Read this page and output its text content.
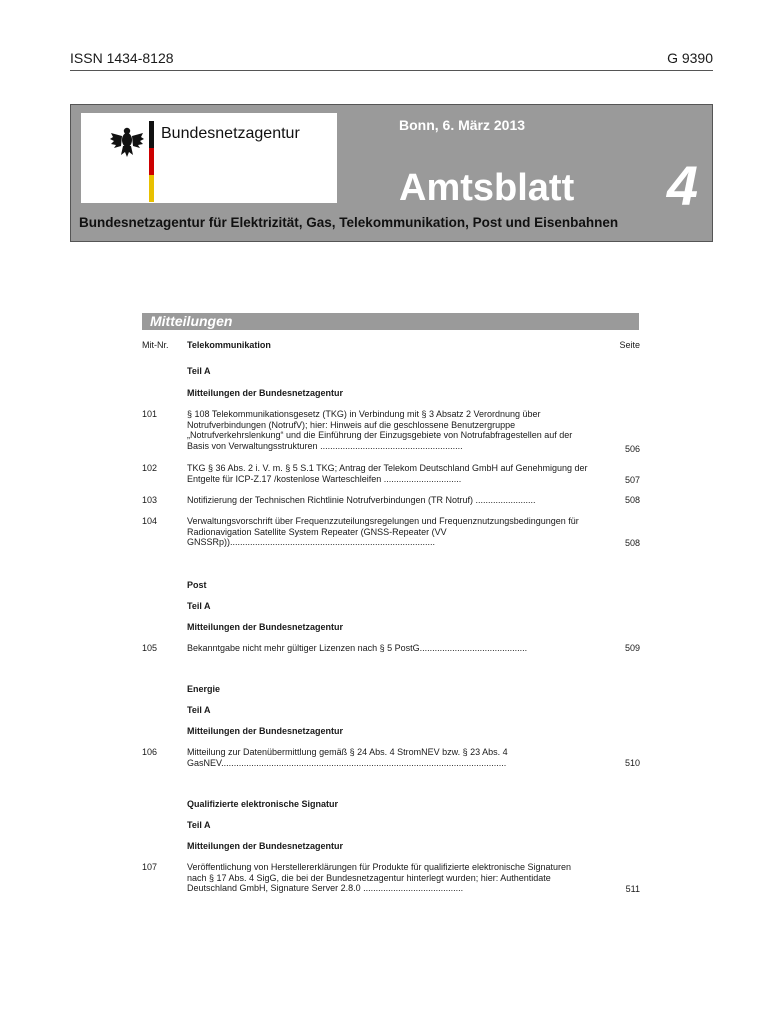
ISSN 1434-8128	G 9390
Bundesnetzagentur	Bonn, 6. März 2013
Amtsblatt 4
Bundesnetzagentur für Elektrizität, Gas, Telekommunikation, Post und Eisenbahnen
Mitteilungen
Mit-Nr. Telekommunikation	Seite
Teil A
Mitteilungen der Bundesnetzagentur
101	§ 108 Telekommunikationsgesetz (TKG) in Verbindung mit § 3 Absatz 2 Verordnung über Notrufverbindungen (NotrufV); hier: Hinweis auf die geschlossene Benutzergruppe „Notrufverkehrslenkung“ und die Einführung der Einzugsgebiete von Notrufabfragestellen auf der Basis von Verwaltungsstrukturen .........................................................	506
102	TKG § 36 Abs. 2 i. V. m. § 5 S.1 TKG; Antrag der Telekom Deutschland GmbH auf Genehmigung der Entgelte für ICP-Z.17 /kostenlose Warteschleifen ...............................	507
103	Notifizierung der Technischen Richtlinie Notrufverbindungen (TR Notruf) ........................	508
104	Verwaltungsvorschrift über Frequenzzuteilungsregelungen und Frequenznutzungsbedingungen für Radionavigation Satellite System Repeater (GNSS-Repeater (VV GNSSRp))..................................................................................	508
Post
Teil A
Mitteilungen der Bundesnetzagentur
105	Bekanntgabe nicht mehr gültiger Lizenzen nach § 5 PostG...........................................	509
Energie
Teil A
Mitteilungen der Bundesnetzagentur
106	Mitteilung zur Datenübermittlung gemäß § 24 Abs. 4 StromNEV bzw. § 23 Abs. 4 GasNEV..................................................................................................................	510
Qualifizierte elektronische Signatur
Teil A
Mitteilungen der Bundesnetzagentur
107	Veröffentlichung von Herstellererklärungen für Produkte für qualifizierte elektronische Signaturen nach § 17 Abs. 4 SigG, die bei der Bundesnetzagentur hinterlegt wurden; hier: Authentidate Deutschland GmbH, Signature Server 2.8.0 ........................................	511
